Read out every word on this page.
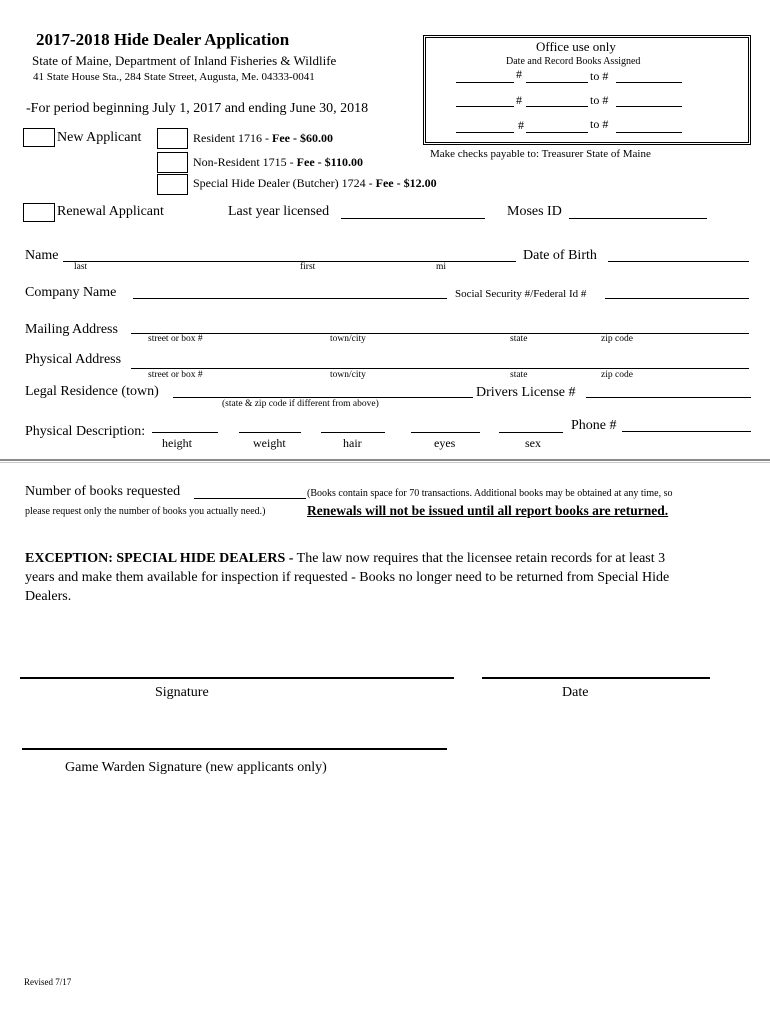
2017-2018 Hide Dealer Application
State of Maine, Department of Inland Fisheries & Wildlife
41 State House Sta., 284 State Street, Augusta, Me. 04333-0041
-For period beginning July 1, 2017 and ending June 30, 2018
Office use only
Date and Record Books Assigned
#	to #
#	to #
#	to #
New Applicant	Resident 1716 - Fee - $60.00
Non-Resident 1715 - Fee - $110.00
Make checks payable to: Treasurer State of Maine
Special Hide Dealer (Butcher) 1724 - Fee - $12.00
Renewal Applicant	Last year licensed	Moses ID
Name
last	first	mi
Date of Birth
Company Name	Social Security #/Federal Id #
Mailing Address
street or box #	town/city	state	zip code
Physical Address
street or box #	town/city	state	zip code
Legal Residence (town)
(state & zip code if different from above)
Drivers License #
Physical Description:
height	weight	hair	eyes	sex
Phone #
Number of books requested	(Books contain space for 70 transactions. Additional books may be obtained at any time, so
please request only the number of books you actually need.)	Renewals will not be issued until all report books are returned.
EXCEPTION: SPECIAL HIDE DEALERS - The law now requires that the licensee retain records for at least 3
years and make them available for inspection if requested - Books no longer need to be returned from Special Hide
Dealers.
Signature	Date
Game Warden Signature (new applicants only)
Revised 7/17
